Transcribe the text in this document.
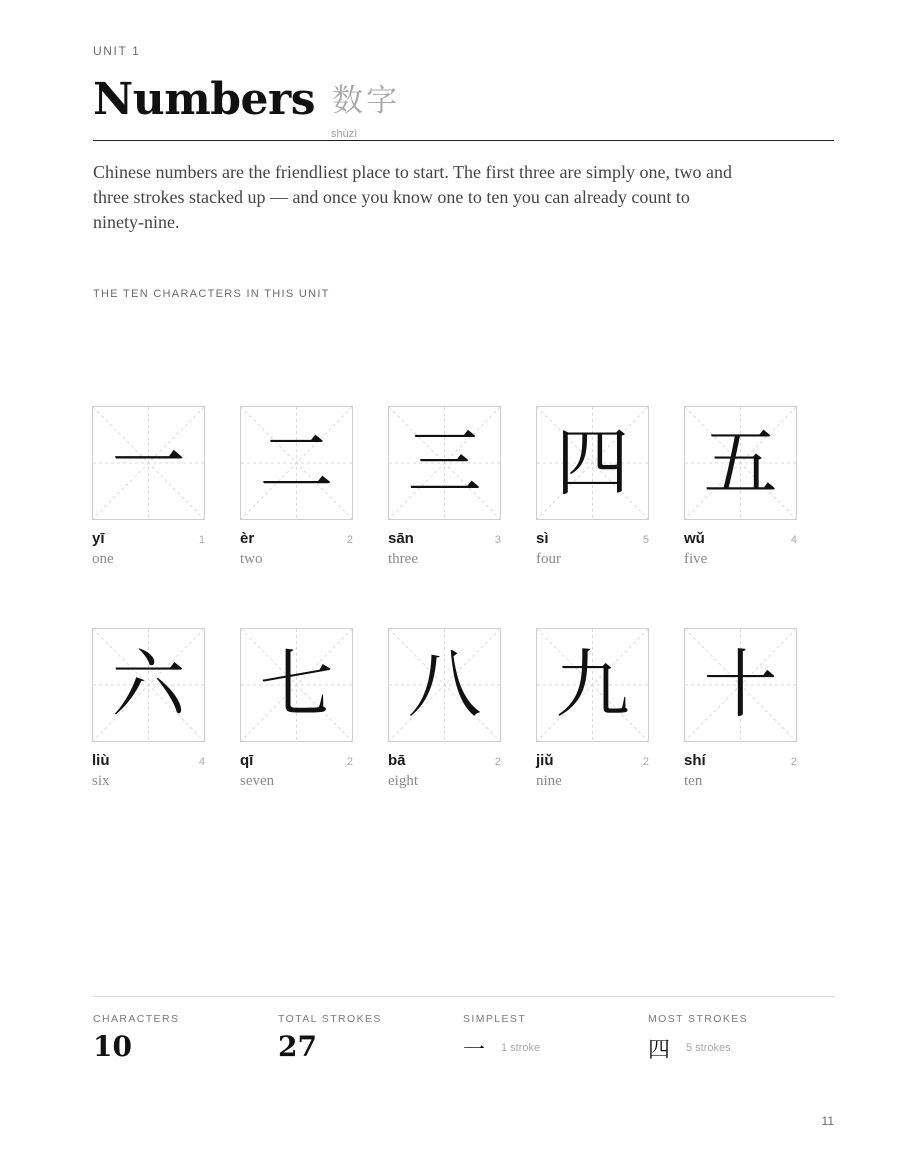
UNIT 1
Numbers 数字
shùzì

Chinese numbers are the friendliest place to start. The first three are simply one, two and three strokes stacked up — and once you know one to ten you can already count to ninety-nine.

THE TEN CHARACTERS IN THIS UNIT
一
yī	1
one
二
èr	2
two
三
sān	3
three
四
sì	5
four
五
wǔ	4
five
六
liù	4
six
七
qī	2
seven
八
bā	2
eight
九
jiǔ	2
nine
十
shí	2
ten
CHARACTERS
10
TOTAL STROKES
27
SIMPLEST
一 1 stroke
MOST STROKES
四 5 strokes
11
